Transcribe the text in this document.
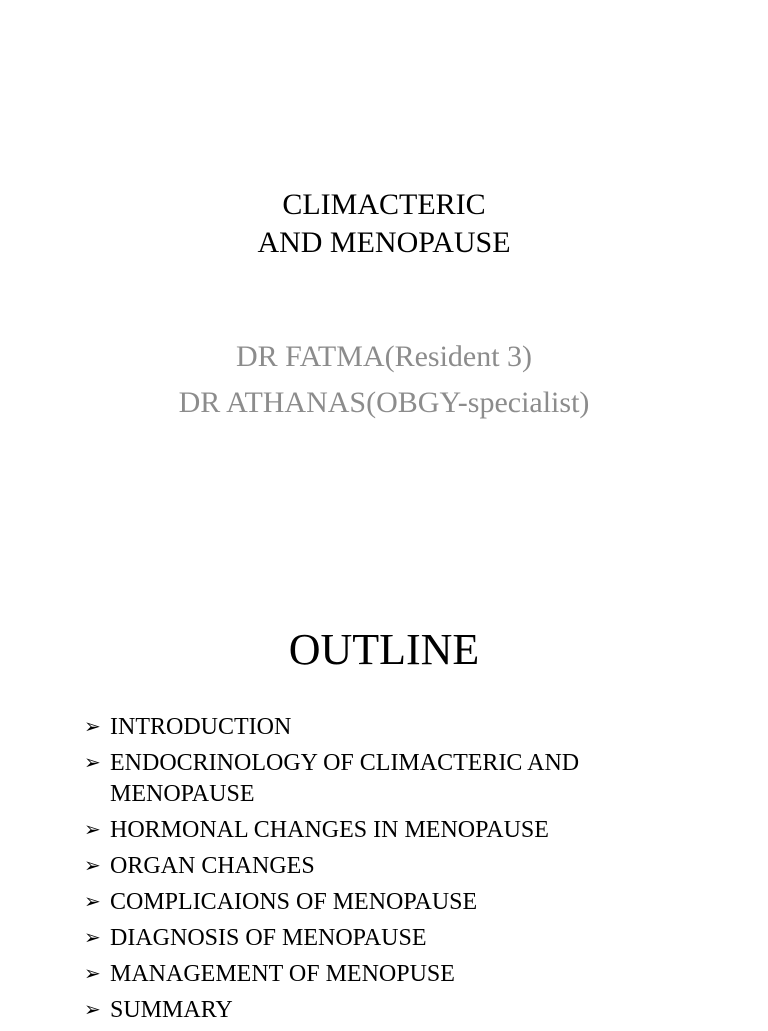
CLIMACTERIC
AND MENOPAUSE
DR FATMA(Resident 3)
DR ATHANAS(OBGY-specialist)
OUTLINE
➢ INTRODUCTION
➢ ENDOCRINOLOGY OF CLIMACTERIC AND MENOPAUSE
➢ HORMONAL CHANGES IN MENOPAUSE
➢ ORGAN CHANGES
➢ COMPLICAIONS OF MENOPAUSE
➢ DIAGNOSIS OF MENOPAUSE
➢ MANAGEMENT OF MENOPUSE
➢ SUMMARY
